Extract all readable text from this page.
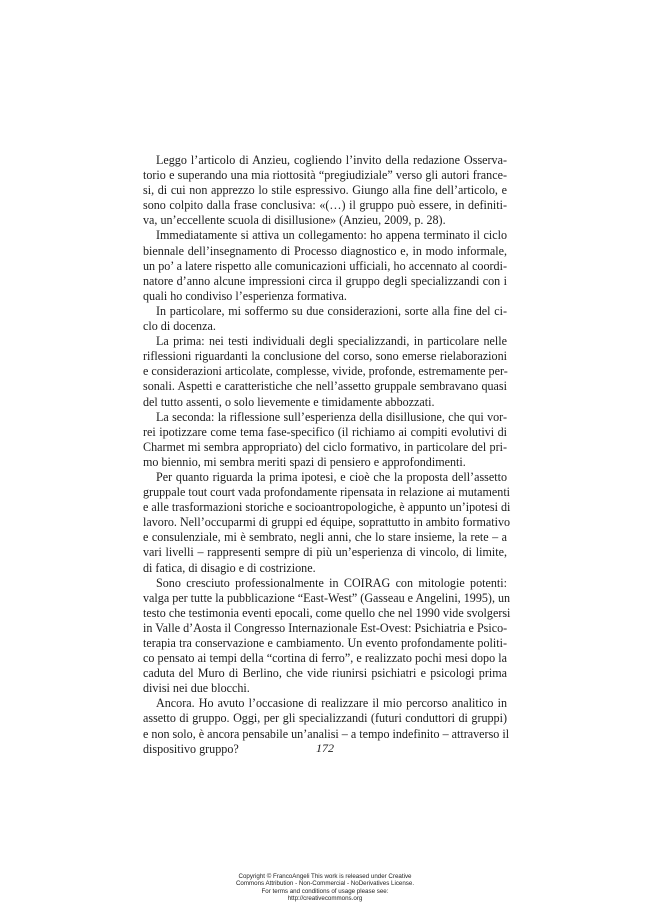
Leggo l’articolo di Anzieu, cogliendo l’invito della redazione Osserva-
torio e superando una mia riottosità “pregiudiziale” verso gli autori france-
si, di cui non apprezzo lo stile espressivo. Giungo alla fine dell’articolo, e
sono colpito dalla frase conclusiva: «(…) il gruppo può essere, in definiti-
va, un’eccellente scuola di disillusione» (Anzieu, 2009, p. 28).
Immediatamente si attiva un collegamento: ho appena terminato il ciclo
biennale dell’insegnamento di Processo diagnostico e, in modo informale,
un po’ a latere rispetto alle comunicazioni ufficiali, ho accennato al coordi-
natore d’anno alcune impressioni circa il gruppo degli specializzandi con i
quali ho condiviso l’esperienza formativa.
In particolare, mi soffermo su due considerazioni, sorte alla fine del ci-
clo di docenza.
La prima: nei testi individuali degli specializzandi, in particolare nelle
riflessioni riguardanti la conclusione del corso, sono emerse rielaborazioni
e considerazioni articolate, complesse, vivide, profonde, estremamente per-
sonali. Aspetti e caratteristiche che nell’assetto gruppale sembravano quasi
del tutto assenti, o solo lievemente e timidamente abbozzati.
La seconda: la riflessione sull’esperienza della disillusione, che qui vor-
rei ipotizzare come tema fase-specifico (il richiamo ai compiti evolutivi di
Charmet mi sembra appropriato) del ciclo formativo, in particolare del pri-
mo biennio, mi sembra meriti spazi di pensiero e approfondimenti.
Per quanto riguarda la prima ipotesi, e cioè che la proposta dell’assetto
gruppale tout court vada profondamente ripensata in relazione ai mutamenti
e alle trasformazioni storiche e socioantropologiche, è appunto un’ipotesi di
lavoro. Nell’occuparmi di gruppi ed équipe, soprattutto in ambito formativo
e consulenziale, mi è sembrato, negli anni, che lo stare insieme, la rete – a
vari livelli – rappresenti sempre di più un’esperienza di vincolo, di limite,
di fatica, di disagio e di costrizione.
Sono cresciuto professionalmente in COIRAG con mitologie potenti:
valga per tutte la pubblicazione “East-West” (Gasseau e Angelini, 1995), un
testo che testimonia eventi epocali, come quello che nel 1990 vide svolgersi
in Valle d’Aosta il Congresso Internazionale Est-Ovest: Psichiatria e Psico-
terapia tra conservazione e cambiamento. Un evento profondamente politi-
co pensato ai tempi della “cortina di ferro”, e realizzato pochi mesi dopo la
caduta del Muro di Berlino, che vide riunirsi psichiatri e psicologi prima
divisi nei due blocchi.
Ancora. Ho avuto l’occasione di realizzare il mio percorso analitico in
assetto di gruppo. Oggi, per gli specializzandi (futuri conduttori di gruppi)
e non solo, è ancora pensabile un’analisi – a tempo indefinito – attraverso il
dispositivo gruppo?	172
Copyright © FrancoAngeli This work is released under Creative
Commons Attribution - Non-Commercial - NoDerivatives License.
For terms and conditions of usage please see:
http://creativecommons.org
